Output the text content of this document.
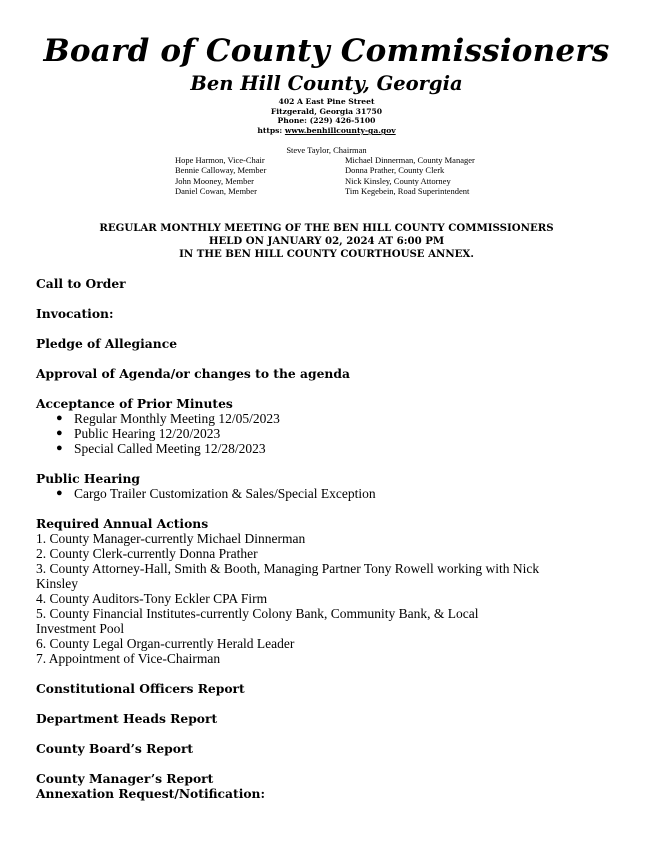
Board of County Commissioners
Ben Hill County, Georgia
402 A East Pine Street
Fitzgerald, Georgia 31750
Phone: (229) 426-5100
https: www.benhillcounty-ga.gov
Steve Taylor, Chairman
Hope Harmon, Vice-Chair
Bennie Calloway, Member
John Mooney, Member
Daniel Cowan, Member
Michael Dinnerman, County Manager
Donna Prather, County Clerk
Nick Kinsley, County Attorney
Tim Kegebein, Road Superintendent
REGULAR MONTHLY MEETING OF THE BEN HILL COUNTY COMMISSIONERS
HELD ON JANUARY 02, 2024 AT 6:00 PM
IN THE BEN HILL COUNTY COURTHOUSE ANNEX.
Call to Order
Invocation:
Pledge of Allegiance
Approval of Agenda/or changes to the agenda
Acceptance of Prior Minutes
● Regular Monthly Meeting 12/05/2023
● Public Hearing 12/20/2023
● Special Called Meeting 12/28/2023
Public Hearing
● Cargo Trailer Customization & Sales/Special Exception
Required Annual Actions
1. County Manager-currently Michael Dinnerman
2. County Clerk-currently Donna Prather
3. County Attorney-Hall, Smith & Booth, Managing Partner Tony Rowell working with Nick
Kinsley
4. County Auditors-Tony Eckler CPA Firm
5. County Financial Institutes-currently Colony Bank, Community Bank, & Local
Investment Pool
6. County Legal Organ-currently Herald Leader
7. Appointment of Vice-Chairman
Constitutional Officers Report
Department Heads Report
County Board’s Report
County Manager’s Report
Annexation Request/Notification:
